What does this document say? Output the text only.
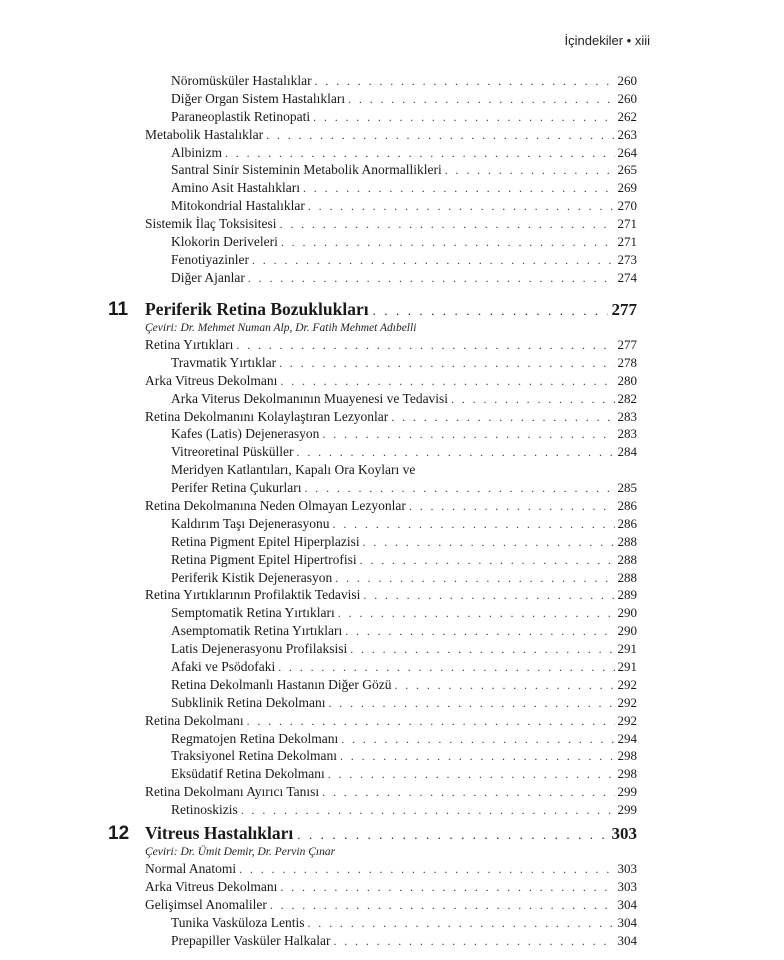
İçindekiler • xiii
Nöromüsküler Hastalıklar . . .	260
Diğer Organ Sistem Hastalıkları . . .	260
Paraneoplastik Retinopati . . .	262
Metabolik Hastalıklar . . .	263
Albinizm . . .	264
Santral Sinir Sisteminin Metabolik Anormallikleri . . .	265
Amino Asit Hastalıkları . . .	269
Mitokondrial Hastalıklar . . .	270
Sistemik İlaç Toksisitesi . . .	271
Klokorin Deriveleri . . .	271
Fenotiyazinler . . .	273
Diğer Ajanlar . . .	274
11 Periferik Retina Bozuklukları . . .	277
Çeviri: Dr. Mehmet Numan Alp, Dr. Fatih Mehmet Adıbelli
Retina Yırtıkları . . .	277
Travmatik Yırtıklar . . .	278
Arka Vitreus Dekolmanı . . .	280
Arka Viterus Dekolmanının Muayenesi ve Tedavisi . . .	282
Retina Dekolmanını Kolaylaştıran Lezyonlar . . .	283
Kafes (Latis) Dejenerasyon . . .	283
Vitreoretinal Püsküller . . .	284
Meridyen Katlantıları, Kapalı Ora Koyları ve
Perifer Retina Çukurları . . .	285
Retina Dekolmanına Neden Olmayan Lezyonlar . . .	286
Kaldırım Taşı Dejenerasyonu . . .	286
Retina Pigment Epitel Hiperplazisi . . .	288
Retina Pigment Epitel Hipertrofisi . . .	288
Periferik Kistik Dejenerasyon . . .	288
Retina Yırtıklarının Profilaktik Tedavisi . . .	289
Semptomatik Retina Yırtıkları . . .	290
Asemptomatik Retina Yırtıkları . . .	290
Latis Dejenerasyonu Profilaksisi . . .	291
Afaki ve Psödofaki . . .	291
Retina Dekolmanlı Hastanın Diğer Gözü . . .	292
Subklinik Retina Dekolmanı . . .	292
Retina Dekolmanı . . .	292
Regmatojen Retina Dekolmanı . . .	294
Traksiyonel Retina Dekolmanı . . .	298
Eksüdatif Retina Dekolmanı . . .	298
Retina Dekolmanı Ayırıcı Tanısı . . .	299
Retinoskizis . . .	299
12 Vitreus Hastalıkları . . .	303
Çeviri: Dr. Ümit Demir, Dr. Pervin Çınar
Normal Anatomi . . .	303
Arka Vitreus Dekolmanı . . .	303
Gelişimsel Anomaliler . . .	304
Tunika Vasküloza Lentis . . .	304
Prepapiller Vasküler Halkalar . . .	304
